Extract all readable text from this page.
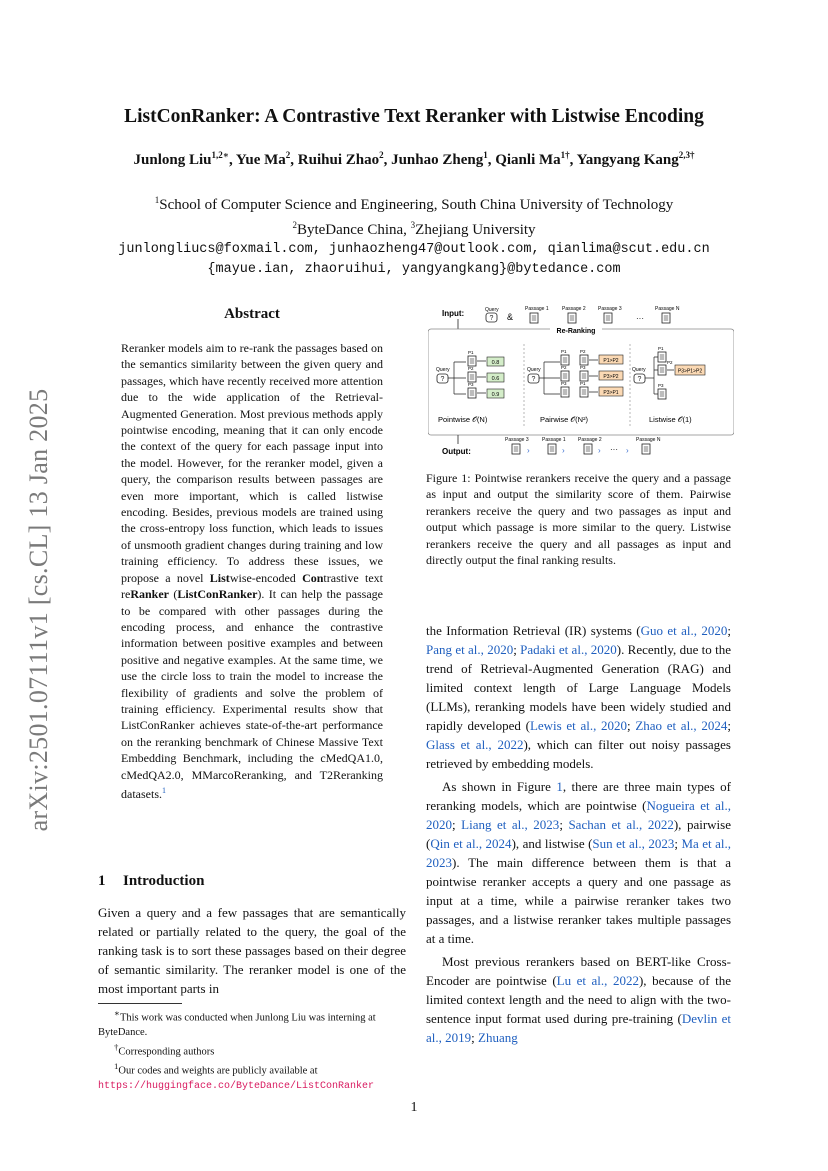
arXiv:2501.07111v1 [cs.CL] 13 Jan 2025
ListConRanker: A Contrastive Text Reranker with Listwise Encoding
Junlong Liu$^{1,2∗}$, Yue Ma$^2$, Ruihui Zhao$^2$, Junhao Zheng$^1$, Qianli $Ma^{1\dagger}$, Yangyang Kang$^{2,3\dagger}$
$^1$School of Computer Science and Engineering, South China University of Technology
$^2$ByteDance China, $^3$Zhejiang University
junlongliucs@foxmail.com, junhaozheng47@outlook.com, qianlima@scut.edu.cn
{mayue.ian, zhaoruihui, yangyangkang}@bytedance.com
Abstract
Reranker models aim to re-rank the passages based on the semantics similarity between the given query and passages, which have recently received more attention due to the wide application of the Retrieval-Augmented Generation. Most previous methods apply pointwise encoding, meaning that it can only encode the context of the query for each passage input into the model. However, for the reranker model, given a query, the comparison results between passages are even more important, which is called listwise encoding. Besides, previous models are trained using the cross-entropy loss function, which leads to issues of unsmooth gradient changes during training and low training efficiency. To address these issues, we propose a novel Listwise-encoded Contrastive text reRanker (ListConRanker). It can help the passage to be compared with other passages during the encoding process, and enhance the contrastive information between positive examples and between positive and negative examples. At the same time, we use the circle loss to train the model to increase the flexibility of gradients and solve the problem of training efficiency. Experimental results show that ListConRanker achieves state-of-the-art performance on the reranking benchmark of Chinese Massive Text Embedding Benchmark, including the cMedQA1.0, cMedQA2.0, MMarcoReranking, and T2Reranking datasets.$^1$
1 Introduction
Given a query and a few passages that are semantically related or partially related to the query, the goal of the ranking task is to sort these passages based on their degree of semantic similarity. The reranker model is one of the most important parts in

∗This work was conducted when Junlong Liu was interning at ByteDance.

†Corresponding authors

$^1$Our codes and weights are publicly available at https://huggingface.co/ByteDance/ListConRanker

?
Input:	Query
&
Passage 1	Passage 2 Passage 3
···
Passage N
Re-Ranking
Query
P1
P2
P3
0.8
0.6
0.9
Pointwise 𝒪(N)
Query
P1	P2
P2	P3
P3	P1
P1>P2
P3>P2
P3>P1
Pairwise 𝒪(N²)
Query
P1
P2
P3
P3>P1>P2
Listwise 𝒪(1)
Output:
Passage 3
›
Passage 1
›
Passage 2
› ··· ›
Passage N
Figure 1: Pointwise rerankers receive the query and a passage as input and output the similarity score of them. Pairwise rerankers receive the query and two passages as input and output which passage is more similar to the query. Listwise rerankers receive the query and all passages as input and directly output the final ranking results.

the Information Retrieval (IR) systems (Guo et al., 2020; Pang et al., 2020; Padaki et al., 2020). Recently, due to the trend of Retrieval-Augmented Generation (RAG) and limited context length of Large Language Models (LLMs), reranking models have been widely studied and rapidly developed (Lewis et al., 2020; Zhao et al., 2024; Glass et al., 2022), which can filter out noisy passages retrieved by embedding models.

As shown in Figure 1, there are three main types of reranking models, which are pointwise (Nogueira et al., 2020; Liang et al., 2023; Sachan et al., 2022), pairwise (Qin et al., 2024), and listwise (Sun et al., 2023; Ma et al., 2023). The main difference between them is that a pointwise reranker accepts a query and one passage as input at a time, while a pairwise reranker takes two passages, and a listwise reranker takes multiple passages at a time.

Most previous rerankers based on BERT-like Cross-Encoder are pointwise (Lu et al., 2022), because of the limited context length and the need to align with the two-sentence input format used during pre-training (Devlin et al., 2019; Zhuang

1
